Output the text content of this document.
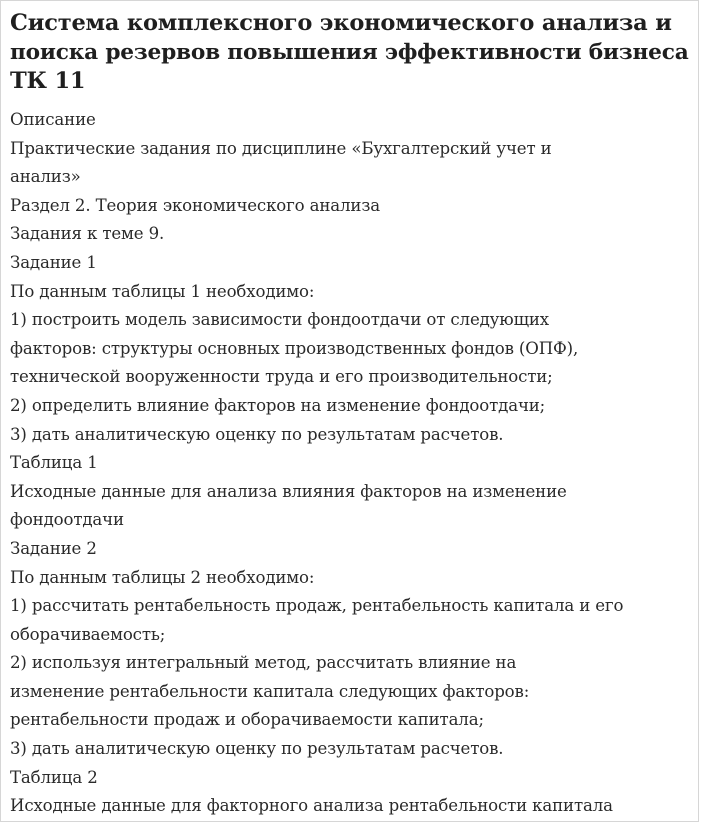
Система комплексного экономического анализа и
поиска резервов повышения эффективности бизнеса
ТК 11
Описание
Практические задания по дисциплине «Бухгалтерский учет и
анализ»
Раздел 2. Теория экономического анализа
Задания к теме 9.
Задание 1
По данным таблицы 1 необходимо:
1) построить модель зависимости фондоотдачи от следующих
факторов: структуры основных производственных фондов (ОПФ),
технической вооруженности труда и его производительности;
2) определить влияние факторов на изменение фондоотдачи;
3) дать аналитическую оценку по результатам расчетов.
Таблица 1
Исходные данные для анализа влияния факторов на изменение
фондоотдачи
Задание 2
По данным таблицы 2 необходимо:
1) рассчитать рентабельность продаж, рентабельность капитала и его
оборачиваемость;
2) используя интегральный метод, рассчитать влияние на
изменение рентабельности капитала следующих факторов:
рентабельности продаж и оборачиваемости капитала;
3) дать аналитическую оценку по результатам расчетов.
Таблица 2
Исходные данные для факторного анализа рентабельности капитала
